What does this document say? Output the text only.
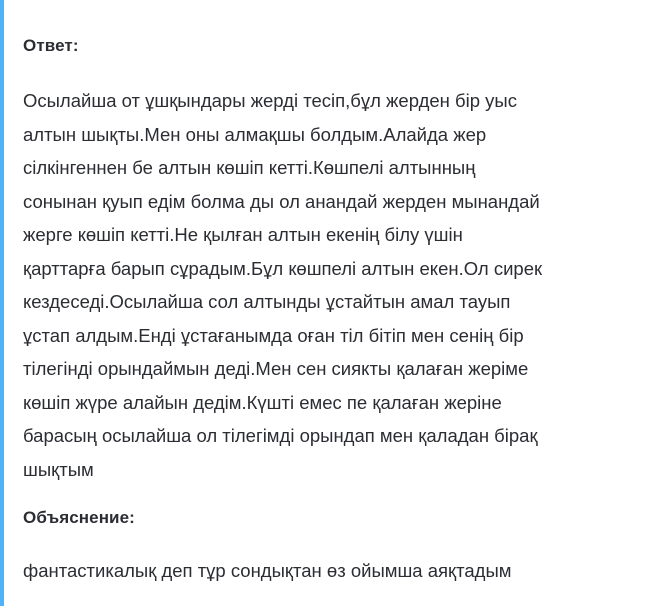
Ответ:
Осылайша от ұшқындары жерді тесіп,бұл жерден бір уыс
алтын шықты.Мен оны алмақшы болдым.Алайда жер
сілкінгеннен бе алтын көшіп кетті.Көшпелі алтынның
сонынан қуып едім болма ды ол анандай жерден мынандай
жерге көшіп кетті.Не қылған алтын екенің білу үшін
қарттарға барып сұрадым.Бұл көшпелі алтын екен.Ол сирек
кездеседі.Осылайша сол алтынды ұстайтын амал тауып
ұстап алдым.Енді ұстағанымда оған тіл бітіп мен сенің бір
тілегінді орындаймын деді.Мен сен сиякты қалаған жеріме
көшіп жүре алайын дедім.Күшті емес пе қалаған жеріне
барасың осылайша ол тілегімді орындап мен қаладан бірақ
шықтым
Объяснение:
фантастикалық деп тұр сондықтан өз ойымша аяқтадым
